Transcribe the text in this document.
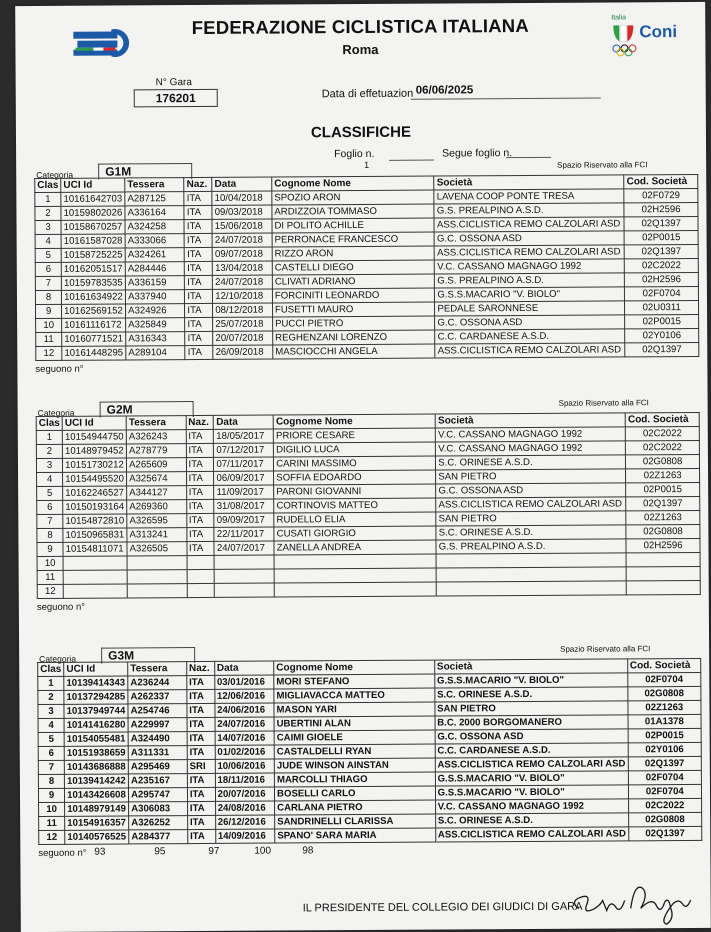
FEDERAZIONE CICLISTICA ITALIANA
Roma
Italia
Coni
N° Gara
176201	Data di effetuazion 06/06/2025
CLASSIFICHE
Foglio n.
1
Segue foglio n.
Categoria	G1M	Spazio Riservato alla FCI
Clas	UCI Id	Tessera	Naz.	Data	Cognome Nome	Società	Cod. Società
1	10161642703	A287125	ITA	10/04/2018	SPOZIO ARON	LAVENA COOP PONTE TRESA	02F0729
2	10159802026	A336164	ITA	09/03/2018	ARDIZZOIA TOMMASO	G.S. PREALPINO A.S.D.	02H2596
3	10158670257	A324258	ITA	15/06/2018	DI POLITO ACHILLE	ASS.CICLISTICA REMO CALZOLARI ASD	02Q1397
4	10161587028	A333066	ITA	24/07/2018	PERRONACE FRANCESCO	G.C. OSSONA ASD	02P0015
5	10158725225	A324261	ITA	09/07/2018	RIZZO ARON	ASS.CICLISTICA REMO CALZOLARI ASD	02Q1397
6	10162051517	A284446	ITA	13/04/2018	CASTELLI DIEGO	V.C. CASSANO MAGNAGO 1992	02C2022
7	10159783535	A336159	ITA	24/07/2018	CLIVATI ADRIANO	G.S. PREALPINO A.S.D.	02H2596
8	10161634922	A337940	ITA	12/10/2018	FORCINITI LEONARDO	G.S.S.MACARIO "V. BIOLO"	02F0704
9	10162569152	A324926	ITA	08/12/2018	FUSETTI MAURO	PEDALE SARONNESE	02U0311
10	10161116172	A325849	ITA	25/07/2018	PUCCI PIETRO	G.C. OSSONA ASD	02P0015
11	10160771521	A316343	ITA	20/07/2018	REGHENZANI LORENZO	C.C. CARDANESE A.S.D.	02Y0106
12	10161448295	A289104	ITA	26/09/2018	MASCIOCCHI ANGELA	ASS.CICLISTICA REMO CALZOLARI ASD	02Q1397
seguono n°
Categoria	G2M	Spazio Riservato alla FCI
Clas	UCI Id	Tessera	Naz.	Data	Cognome Nome	Società	Cod. Società
1	10154944750	A326243	ITA	18/05/2017	PRIORE CESARE	V.C. CASSANO MAGNAGO 1992	02C2022
2	10148979452	A278779	ITA	07/12/2017	DIGILIO LUCA	V.C. CASSANO MAGNAGO 1992	02C2022
3	10151730212	A265609	ITA	07/11/2017	CARINI MASSIMO	S.C. ORINESE A.S.D.	02G0808
4	10154495520	A325674	ITA	06/09/2017	SOFFIA EDOARDO	SAN PIETRO	02Z1263
5	10162246527	A344127	ITA	11/09/2017	PARONI GIOVANNI	G.C. OSSONA ASD	02P0015
6	10150193164	A269360	ITA	31/08/2017	CORTINOVIS MATTEO	ASS.CICLISTICA REMO CALZOLARI ASD	02Q1397
7	10154872810	A326595	ITA	09/09/2017	RUDELLO ELIA	SAN PIETRO	02Z1263
8	10150965831	A313241	ITA	22/11/2017	CUSATI GIORGIO	S.C. ORINESE A.S.D.	02G0808
9	10154811071	A326505	ITA	24/07/2017	ZANELLA ANDREA	G.S. PREALPINO A.S.D.	02H2596
10							
11							
12							
seguono n°
Categoria	G3M	Spazio Riservato alla FCI
Clas	UCI Id	Tessera	Naz.	Data	Cognome Nome	Società	Cod. Società
1	10139414343	A236244	ITA	03/01/2016	MORI STEFANO	G.S.S.MACARIO "V. BIOLO"	02F0704
2	10137294285	A262337	ITA	12/06/2016	MIGLIAVACCA MATTEO	S.C. ORINESE A.S.D.	02G0808
3	10137949744	A254746	ITA	24/06/2016	MASON YARI	SAN PIETRO	02Z1263
4	10141416280	A229997	ITA	24/07/2016	UBERTINI ALAN	B.C. 2000 BORGOMANERO	01A1378
5	10154055481	A324490	ITA	14/07/2016	CAIMI GIOELE	G.C. OSSONA ASD	02P0015
6	10151938659	A311331	ITA	01/02/2016	CASTALDELLI RYAN	C.C. CARDANESE A.S.D.	02Y0106
7	10143686888	A295469	SRI	10/06/2016	JUDE WINSON AINSTAN	ASS.CICLISTICA REMO CALZOLARI ASD	02Q1397
8	10139414242	A235167	ITA	18/11/2016	MARCOLLI THIAGO	G.S.S.MACARIO "V. BIOLO"	02F0704
9	10143426608	A295747	ITA	20/07/2016	BOSELLI CARLO	G.S.S.MACARIO "V. BIOLO"	02F0704
10	10148979149	A306083	ITA	24/08/2016	CARLANA PIETRO	V.C. CASSANO MAGNAGO 1992	02C2022
11	10154916357	A326252	ITA	26/12/2016	SANDRINELLI CLARISSA	S.C. ORINESE A.S.D.	02G0808
12	10140576525	A284377	ITA	14/09/2016	SPANO' SARA MARIA	ASS.CICLISTICA REMO CALZOLARI ASD	02Q1397
seguono n° 93	95	97	100	98
IL PRESIDENTE DEL COLLEGIO DEI GIUDICI DI GARA
